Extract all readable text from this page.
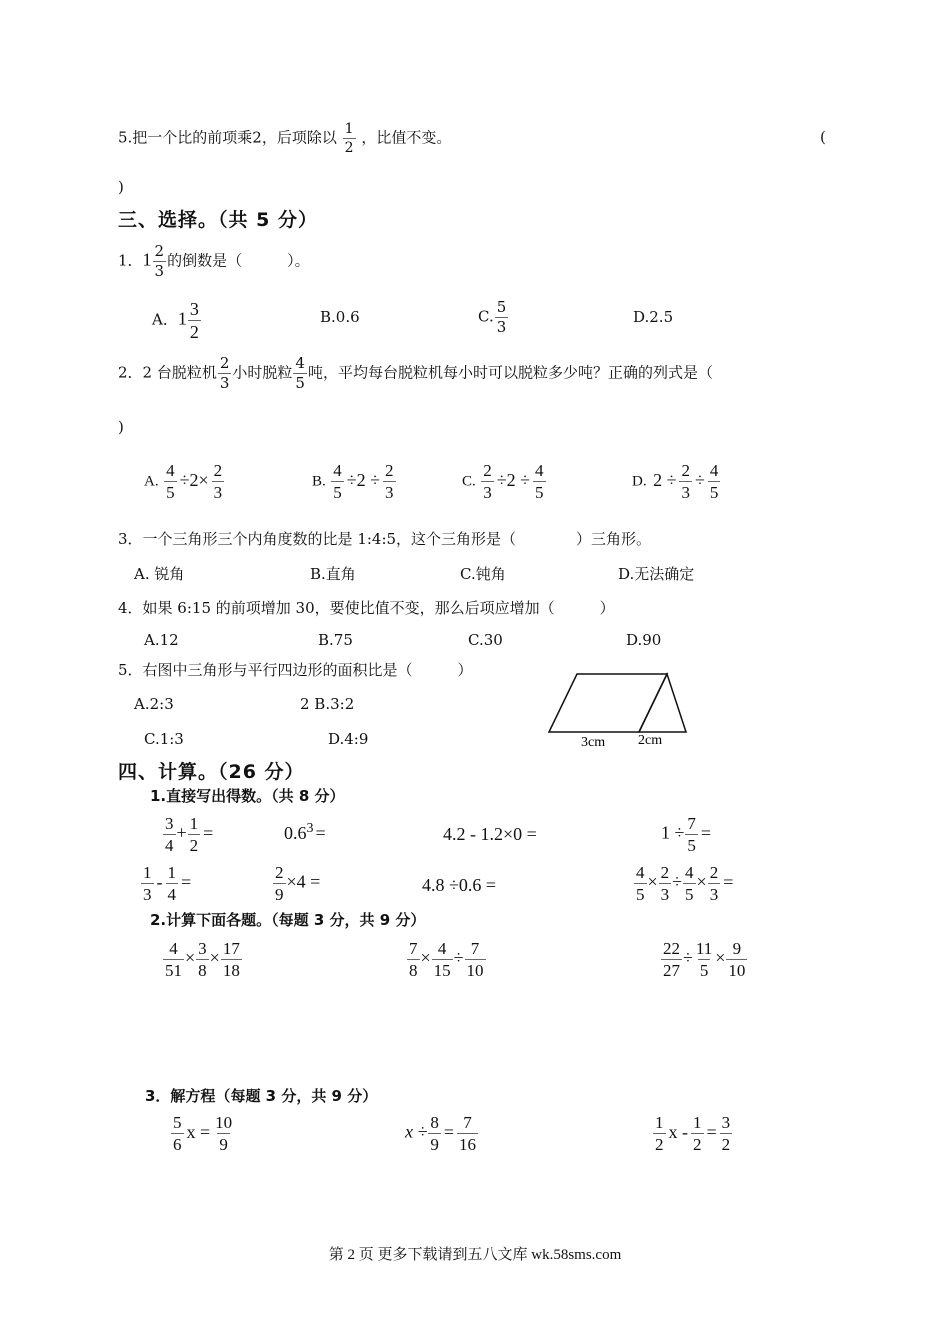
5.把一个比的前项乘2，后项除以 $\frac{1}{2}$ ，比值不变。	(
)
三、选择。（共 5 分）
1．$1 \frac{2}{3}$ 的倒数是（　　　）。
A．$1 \frac{3}{2}$	B.0.6	C. $\frac{5}{3}$	D.2.5
2．2 台脱粒机 $\frac{2}{3}$ 小时脱粒 $\frac{4}{5}$ 吨，平均每台脱粒机每小时可以脱粒多少吨？正确的列式是（
)
A. $\frac{4}{5} \div 2\times \frac{2}{3}$	B. $\frac{4}{5} \div 2 \div \frac{2}{3}$	C. $\frac{2}{3} \div 2 \div \frac{4}{5}$	D. $2 \div \frac{2}{3} \div \frac{4}{5}$
3．一个三角形三个内角度数的比是 1:4:5，这个三角形是（　　　　）三角形。
A. 锐角	B.直角	C.钝角	D.无法确定
4．如果 6:15 的前项增加 30，要使比值不变，那么后项应增加（　　　）
A.12	B.75	C.30	D.90
5．右图中三角形与平行四边形的面积比是（　　　）
A.2:3	2 B.3:2
C.1:3	D.4:9	3cm 2cm
四、计算。（26 分）
1.直接写出得数。（共 8 分）
$\frac{3}{4} + \frac{1}{2}$ =	$0.6^3$ =	4.2 - 1.2×0 =	$1 \div \frac{7}{5}$ =
$\frac{1}{3} - \frac{1}{4}$ =	$\frac{2}{9} \times 4$ =	4.8 ÷0.6 =	$\frac{4}{5} \times \frac{2}{3} \div \frac{4}{5} \times \frac{2}{3}$ =
2.计算下面各题。（每题 3 分，共 9 分）
$\frac{4}{51} \times \frac{3}{8} \times \frac{17}{18}$	$\frac{7}{8} \times \frac{4}{15} \div \frac{7}{10}$	$\frac{22}{27} \div \frac{11}{5} \times \frac{9}{10}$
3．解方程（每题 3 分，共 9 分）
$\frac{5}{6}$ $x = \frac{10}{9}$	$x \div \frac{8}{9} = \frac{7}{16}$	$\frac{1}{2}$ $x - \frac{1}{2} = \frac{3}{2}$
第 2 页 更多下载请到五八文库 wk.58sms.com
